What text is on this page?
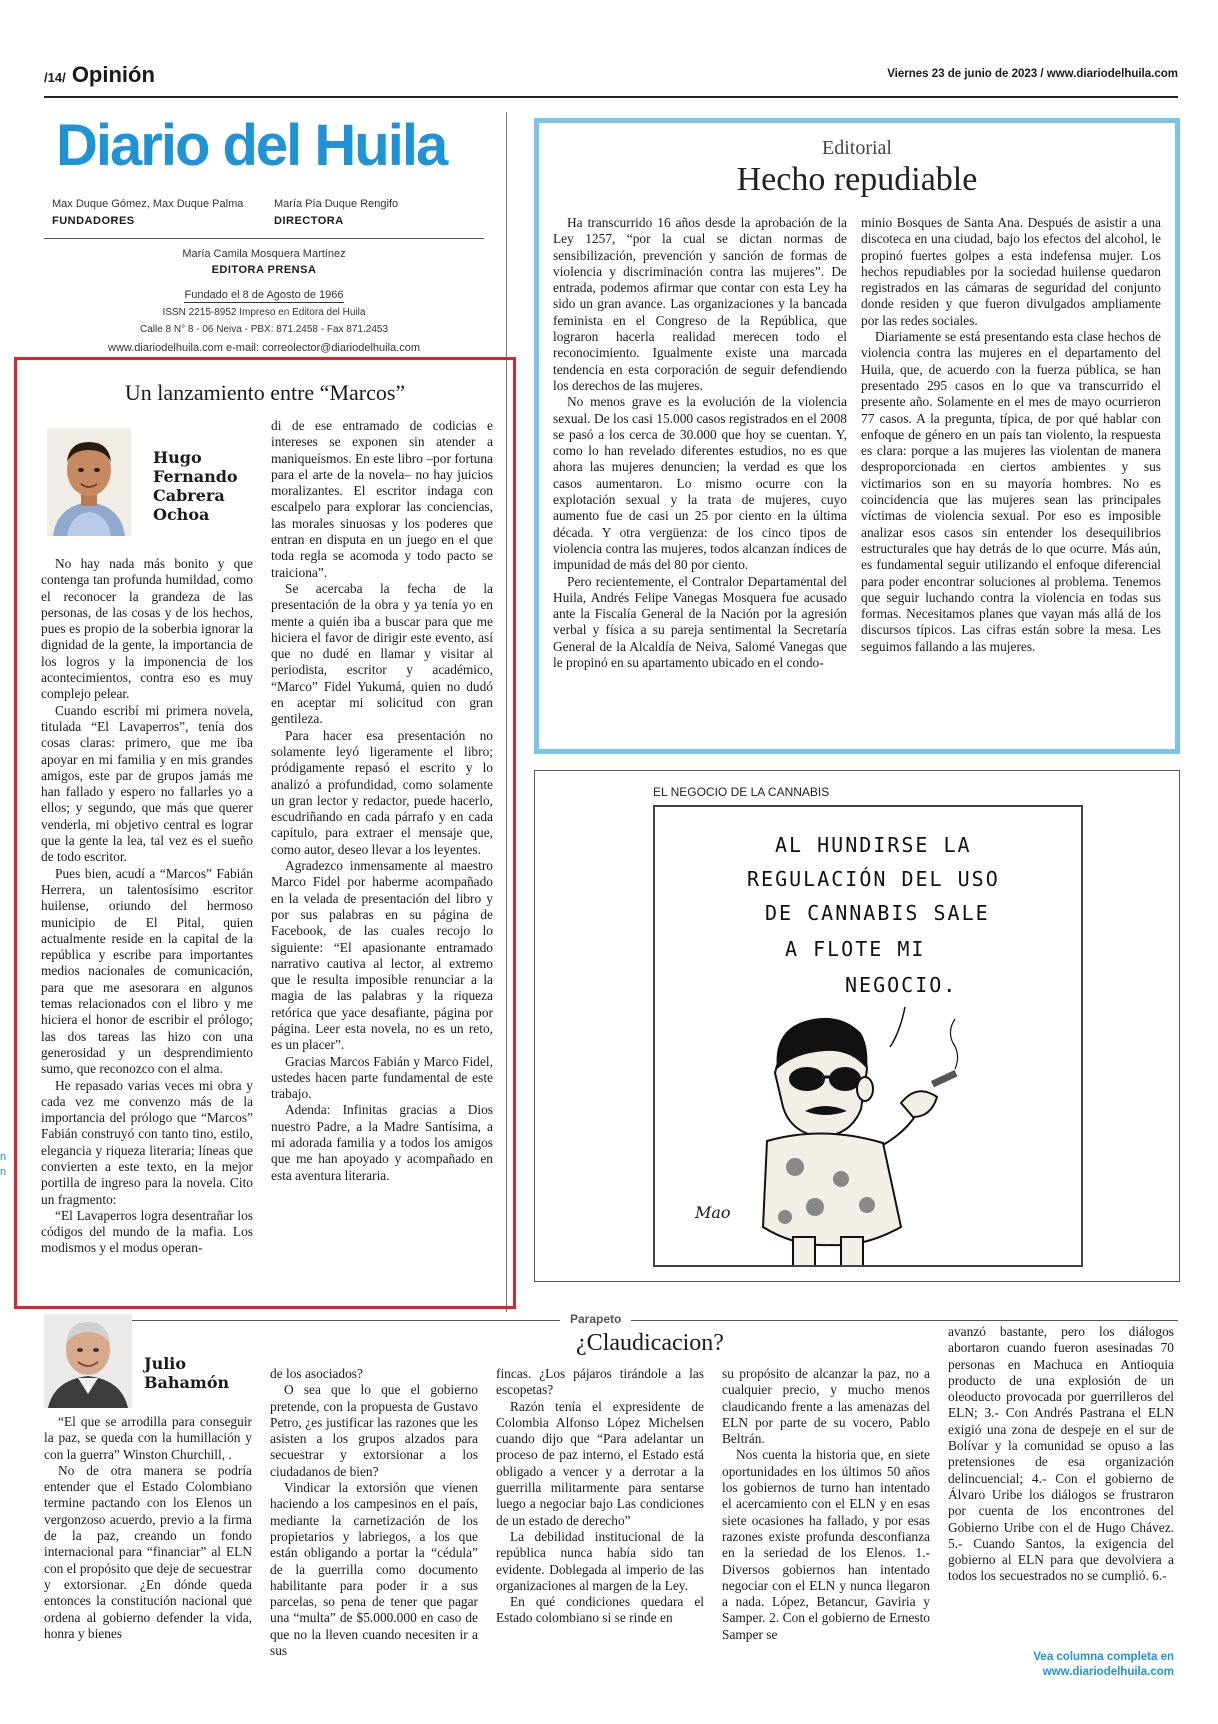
/14/ Opinión	Viernes 23 de junio de 2023 / www.diariodelhuila.com
Diario del Huila
Max Duque Gómez, Max Duque Palma
FUNDADORES
María Pía Duque Rengifo
DIRECTORA
María Camila Mosquera Martínez
EDITORA PRENSA
Fundado el 8 de Agosto de 1966
ISSN 2215-8952 Impreso en Editora del Huila
Calle 8 N° 8 - 06 Neiva - PBX: 871.2458 - Fax 871.2453
www.diariodelhuila.com e-mail: correolector@diariodelhuila.com
Editorial
Hecho repudiable

Ha transcurrido 16 años desde la aprobación de la Ley 1257, “por la cual se dictan normas de sensibilización, prevención y sanción de formas de violencia y discriminación contra las mujeres”. De entrada, podemos afirmar que contar con esta Ley ha sido un gran avance. Las organizaciones y la bancada feminista en el Congreso de la República, que lograron hacerla realidad merecen todo el reconocimiento. Igualmente existe una marcada tendencia en esta corporación de seguir defendiendo los derechos de las mujeres.

No menos grave es la evolución de la violencia sexual. De los casi 15.000 casos registrados en el 2008 se pasó a los cerca de 30.000 que hoy se cuentan. Y, como lo han revelado diferentes estudios, no es que ahora las mujeres denuncien; la verdad es que los casos aumentaron. Lo mismo ocurre con la explotación sexual y la trata de mujeres, cuyo aumento fue de casi un 25 por ciento en la última década. Y otra vergüenza: de los cinco tipos de violencia contra las mujeres, todos alcanzan índices de impunidad de más del 80 por ciento.

Pero recientemente, el Contralor Departamental del Huila, Andrés Felipe Vanegas Mosquera fue acusado ante la Fiscalía General de la Nación por la agresión verbal y física a su pareja sentimental la Secretaría General de la Alcaldía de Neiva, Salomé Vanegas que le propinó en su apartamento ubicado en el condo-

minio Bosques de Santa Ana. Después de asistir a una discoteca en una ciudad, bajo los efectos del alcohol, le propinó fuertes golpes a esta indefensa mujer. Los hechos repudiables por la sociedad huilense quedaron registrados en las cámaras de seguridad del conjunto donde residen y que fueron divulgados ampliamente por las redes sociales.

Diariamente se está presentando esta clase hechos de violencia contra las mujeres en el departamento del Huila, que, de acuerdo con la fuerza pública, se han presentado 295 casos en lo que va transcurrido el presente año. Solamente en el mes de mayo ocurrieron 77 casos. A la pregunta, típica, de por qué hablar con enfoque de género en un país tan violento, la respuesta es clara: porque a las mujeres las violentan de manera desproporcionada en ciertos ambientes y sus victimarios son en su mayoría hombres. No es coincidencia que las mujeres sean las principales víctimas de violencia sexual. Por eso es imposible analizar esos casos sin entender los desequilibrios estructurales que hay detrás de lo que ocurre. Más aún, es fundamental seguir utilizando el enfoque diferencial para poder encontrar soluciones al problema. Tenemos que seguir luchando contra la violencia en todas sus formas. Necesitamos planes que vayan más allá de los discursos típicos. Las cifras están sobre la mesa. Les seguimos fallando a las mujeres.

Un lanzamiento entre “Marcos”
Hugo
Fernando
Cabrera
Ochoa

No hay nada más bonito y que contenga tan profunda humildad, como el reconocer la grandeza de las personas, de las cosas y de los hechos, pues es propio de la soberbia ignorar la dignidad de la gente, la importancia de los logros y la imponencia de los acontecimientos, contra eso es muy complejo pelear.

Cuando escribí mi primera novela, titulada “El Lavaperros”, tenía dos cosas claras: primero, que me iba apoyar en mi familia y en mis grandes amigos, este par de grupos jamás me han fallado y espero no fallarles yo a ellos; y segundo, que más que querer venderla, mi objetivo central es lograr que la gente la lea, tal vez es el sueño de todo escritor.

Pues bien, acudí a “Marcos” Fabián Herrera, un talentosísimo escritor huilense, oriundo del hermoso municipio de El Pital, quien actualmente reside en la capital de la república y escribe para importantes medios nacionales de comunicación, para que me asesorara en algunos temas relacionados con el libro y me hiciera el honor de escribir el prólogo; las dos tareas las hizo con una generosidad y un desprendimiento sumo, que reconozco con el alma.

He repasado varias veces mi obra y cada vez me convenzo más de la importancia del prólogo que “Marcos” Fabián construyó con tanto tino, estilo, elegancia y riqueza literaria; líneas que convierten a este texto, en la mejor portilla de ingreso para la novela. Cito un fragmento:

“El Lavaperros logra desentrañar los códigos del mundo de la mafia. Los modismos y el modus operan-

di de ese entramado de codicias e intereses se exponen sin atender a maniqueísmos. En este libro –por fortuna para el arte de la novela– no hay juicios moralizantes. El escritor indaga con escalpelo para explorar las conciencias, las morales sinuosas y los poderes que entran en disputa en un juego en el que toda regla se acomoda y todo pacto se traiciona”.

Se acercaba la fecha de la presentación de la obra y ya tenía yo en mente a quién iba a buscar para que me hiciera el favor de dirigir este evento, así que no dudé en llamar y visitar al periodista, escritor y académico, “Marco” Fidel Yukumá, quien no dudó en aceptar mi solicitud con gran gentileza.

Para hacer esa presentación no solamente leyó ligeramente el libro; pródigamente repasó el escrito y lo analizó a profundidad, como solamente un gran lector y redactor, puede hacerlo, escudriñando en cada párrafo y en cada capítulo, para extraer el mensaje que, como autor, deseo llevar a los leyentes.

Agradezco inmensamente al maestro Marco Fidel por haberme acompañado en la velada de presentación del libro y por sus palabras en su página de Facebook, de las cuales recojo lo siguiente: “El apasionante entramado narrativo cautiva al lector, al extremo que le resulta imposible renunciar a la magia de las palabras y la riqueza retórica que yace desafiante, página por página. Leer esta novela, no es un reto, es un placer”.

Gracias Marcos Fabián y Marco Fidel, ustedes hacen parte fundamental de este trabajo.

Adenda: Infinitas gracias a Dios nuestro Padre, a la Madre Santísima, a mi adorada familia y a todos los amigos que me han apoyado y acompañado en esta aventura literaria.

EL NEGOCIO DE LA CANNABIS
AL HUNDIRSE LA
REGULACIÓN DEL USO
DE CANNABIS SALE
A FLOTE MI
NEGOCIO.
Mao
Parapeto
¿Claudicacion?
Julio
Bahamón

“El que se arrodilla para conseguir la paz, se queda con la humillación y con la guerra” Winston Churchill, .

No de otra manera se podría entender que el Estado Colombiano termine pactando con los Elenos un vergonzoso acuerdo, previo a la firma de la paz, creando un fondo internacional para “financiar” al ELN con el propósito que deje de secuestrar y extorsionar. ¿En dónde queda entonces la constitución nacional que ordena al gobierno defender la vida, honra y bienes

de los asociados?

O sea que lo que el gobierno pretende, con la propuesta de Gustavo Petro, ¿es justificar las razones que les asisten a los grupos alzados para secuestrar y extorsionar a los ciudadanos de bien?

Vindicar la extorsión que vienen haciendo a los campesinos en el país, mediante la carnetización de los propietarios y labriegos, a los que están obligando a portar la “cédula” de la guerrilla como documento habilitante para poder ir a sus parcelas, so pena de tener que pagar una “multa” de $5.000.000 en caso de que no la lleven cuando necesiten ir a sus

fincas. ¿Los pájaros tirándole a las escopetas?

Razón tenía el expresidente de Colombia Alfonso López Michelsen cuando dijo que “Para adelantar un proceso de paz interno, el Estado está obligado a vencer y a derrotar a la guerrilla militarmente para sentarse luego a negociar bajo Las condiciones de un estado de derecho”

La debilidad institucional de la república nunca había sido tan evidente. Doblegada al imperio de las organizaciones al margen de la Ley.

En qué condiciones quedara el Estado colombiano si se rinde en

su propósito de alcanzar la paz, no a cualquier precio, y mucho menos claudicando frente a las amenazas del ELN por parte de su vocero, Pablo Beltrán.

Nos cuenta la historia que, en siete oportunidades en los últimos 50 años los gobiernos de turno han intentado el acercamiento con el ELN y en esas siete ocasiones ha fallado, y por esas razones existe profunda desconfianza en la seriedad de los Elenos. 1.-Diversos gobiernos han intentado negociar con el ELN y nunca llegaron a nada. López, Betancur, Gaviria y Samper. 2. Con el gobierno de Ernesto Samper se

avanzó bastante, pero los diálogos abortaron cuando fueron asesinadas 70 personas en Machuca en Antioquia producto de una explosión de un oleoducto provocada por guerrilleros del ELN; 3.- Con Andrés Pastrana el ELN exigió una zona de despeje en el sur de Bolívar y la comunidad se opuso a las pretensiones de esa organización delincuencial; 4.- Con el gobierno de Álvaro Uribe los diálogos se frustraron por cuenta de los encontrones del Gobierno Uribe con el de Hugo Chávez. 5.- Cuando Santos, la exigencia del gobierno al ELN para que devolviera a todos los secuestrados no se cumplió. 6.-

Vea columna completa en
www.diariodelhuila.com
n
n
